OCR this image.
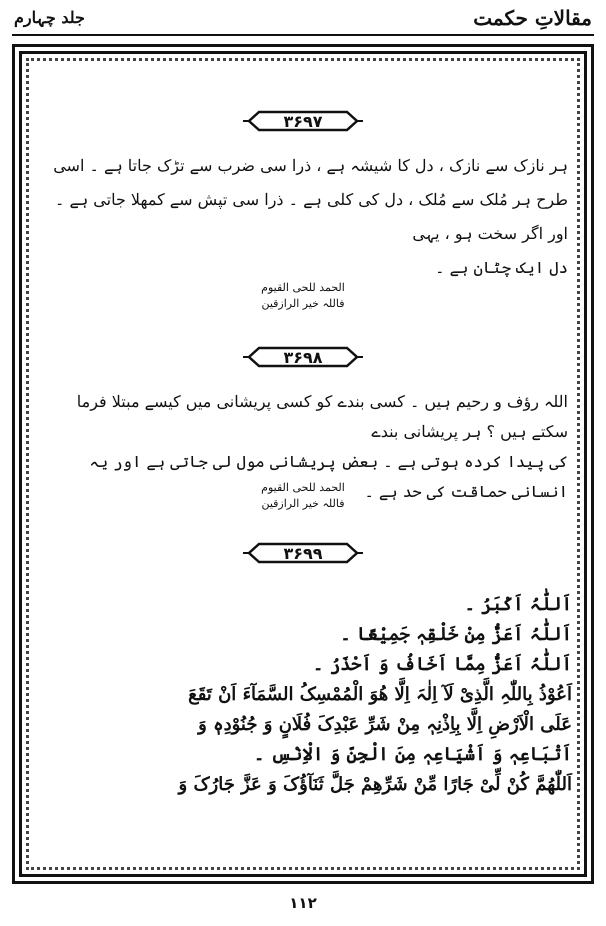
جلد چہارم	مقالاتِ حکمت
۳۶۹۷
ہر نازک سے نازک ، دل کا شیشہ ہے ، ذرا سی ضرب سے تڑک جاتا ہے ۔ اسی
طرح ہر مُلک سے مُلک ، دل کی کلی ہے ۔ ذرا سی تپش سے کمھلا جاتی ہے ۔ اور اگر سخت ہو ، یہی
دل ایک چٹان ہے ۔
الحمد للحی القیوم
فاللہ خیر الرازقین
۳۶۹۸
اللہ رؤف و رحیم ہیں ۔ کسی بندے کو کسی پریشانی میں کیسے مبتلا فرما سکتے ہیں ؟ ہر پریشانی بندے
کی پیدا کردہ ہوتی ہے ۔ بعض پریشانی مول لی جاتی ہے اور یہ انسانی حماقت کی حد ہے ۔
الحمد للحی القیوم
فاللہ خیر الرازقین
۳۶۹۹
اَللّٰہُ اَکْبَرُ ۔
اَللّٰہُ اَعَزُّ مِنْ خَلْقِہٖ جَمِیْعًا ۔
اَللّٰہُ اَعَزُّ مِمَّا اَخَافُ وَ اَحْذَرُ ۔
اَعُوْذُ بِاللّٰہِ الَّذِیْ لَآ اِلٰہَ اِلَّا ھُوَ الْمُمْسِکُ السَّمَآءَ اَنْ تَقَعَ
عَلَی الْاَرْضِ اِلَّا بِاِذْنِہٖ مِنْ شَرِّ عَبْدِکَ فُلَانٍ وَ جُنُوْدِہٖ وَ
اَتْبَاعِہٖ وَ اَشْیَاعِہٖ مِنَ الْجِنِّ وَ الْاِنْسِ ۔
اَللّٰھُمَّ کُنْ لِّیْ جَارًا مِّنْ شَرِّھِمْ جَلَّ ثَنَآؤُکَ وَ عَزَّ جَارُکَ وَ
۱۱۲
